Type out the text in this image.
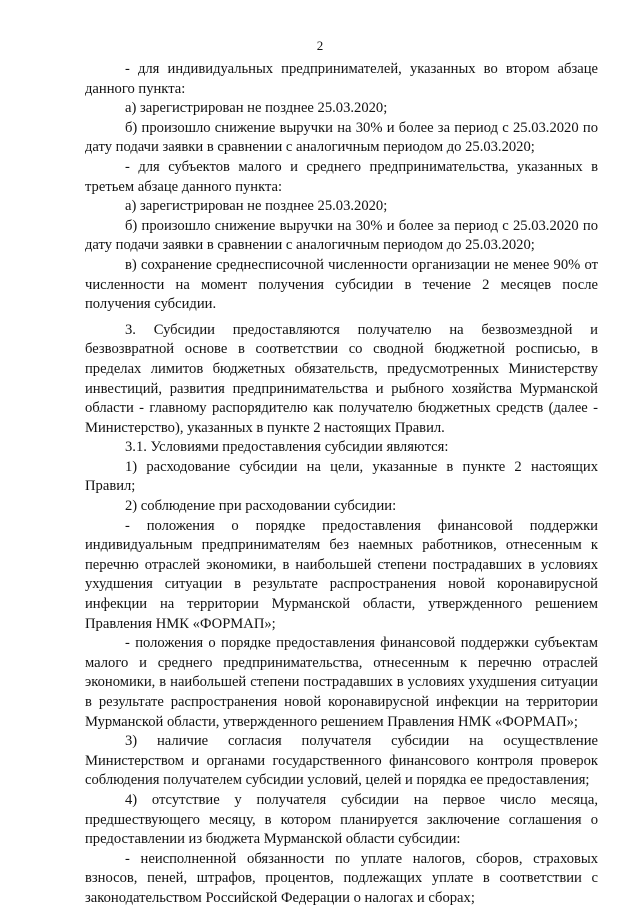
2

- для индивидуальных предпринимателей, указанных во втором абзаце данного пункта:

а) зарегистрирован не позднее 25.03.2020;

б) произошло снижение выручки на 30% и более за период с 25.03.2020 по дату подачи заявки в сравнении с аналогичным периодом до 25.03.2020;

- для субъектов малого и среднего предпринимательства, указанных в третьем абзаце данного пункта:

а) зарегистрирован не позднее 25.03.2020;

б) произошло снижение выручки на 30% и более за период с 25.03.2020 по дату подачи заявки в сравнении с аналогичным периодом до 25.03.2020;

в) сохранение среднесписочной численности организации не менее 90% от численности на момент получения субсидии в течение 2 месяцев после получения субсидии.

3. Субсидии предоставляются получателю на безвозмездной и безвозвратной основе в соответствии со сводной бюджетной росписью, в пределах лимитов бюджетных обязательств, предусмотренных Министерству инвестиций, развития предпринимательства и рыбного хозяйства Мурманской области - главному распорядителю как получателю бюджетных средств (далее - Министерство), указанных в пункте 2 настоящих Правил.

3.1. Условиями предоставления субсидии являются:

1) расходование субсидии на цели, указанные в пункте 2 настоящих Правил;

2) соблюдение при расходовании субсидии:

- положения о порядке предоставления финансовой поддержки индивидуальным предпринимателям без наемных работников, отнесенным к перечню отраслей экономики, в наибольшей степени пострадавших в условиях ухудшения ситуации в результате распространения новой коронавирусной инфекции на территории Мурманской области, утвержденного решением Правления НМК «ФОРМАП»;

- положения о порядке предоставления финансовой поддержки субъектам малого и среднего предпринимательства, отнесенным к перечню отраслей экономики, в наибольшей степени пострадавших в условиях ухудшения ситуации в результате распространения новой коронавирусной инфекции на территории Мурманской области, утвержденного решением Правления НМК «ФОРМАП»;

3) наличие согласия получателя субсидии на осуществление Министерством и органами государственного финансового контроля проверок соблюдения получателем субсидии условий, целей и порядка ее предоставления;

4) отсутствие у получателя субсидии на первое число месяца, предшествующего месяцу, в котором планируется заключение соглашения о предоставлении из бюджета Мурманской области субсидии:

- неисполненной обязанности по уплате налогов, сборов, страховых взносов, пеней, штрафов, процентов, подлежащих уплате в соответствии с законодательством Российской Федерации о налогах и сборах;
